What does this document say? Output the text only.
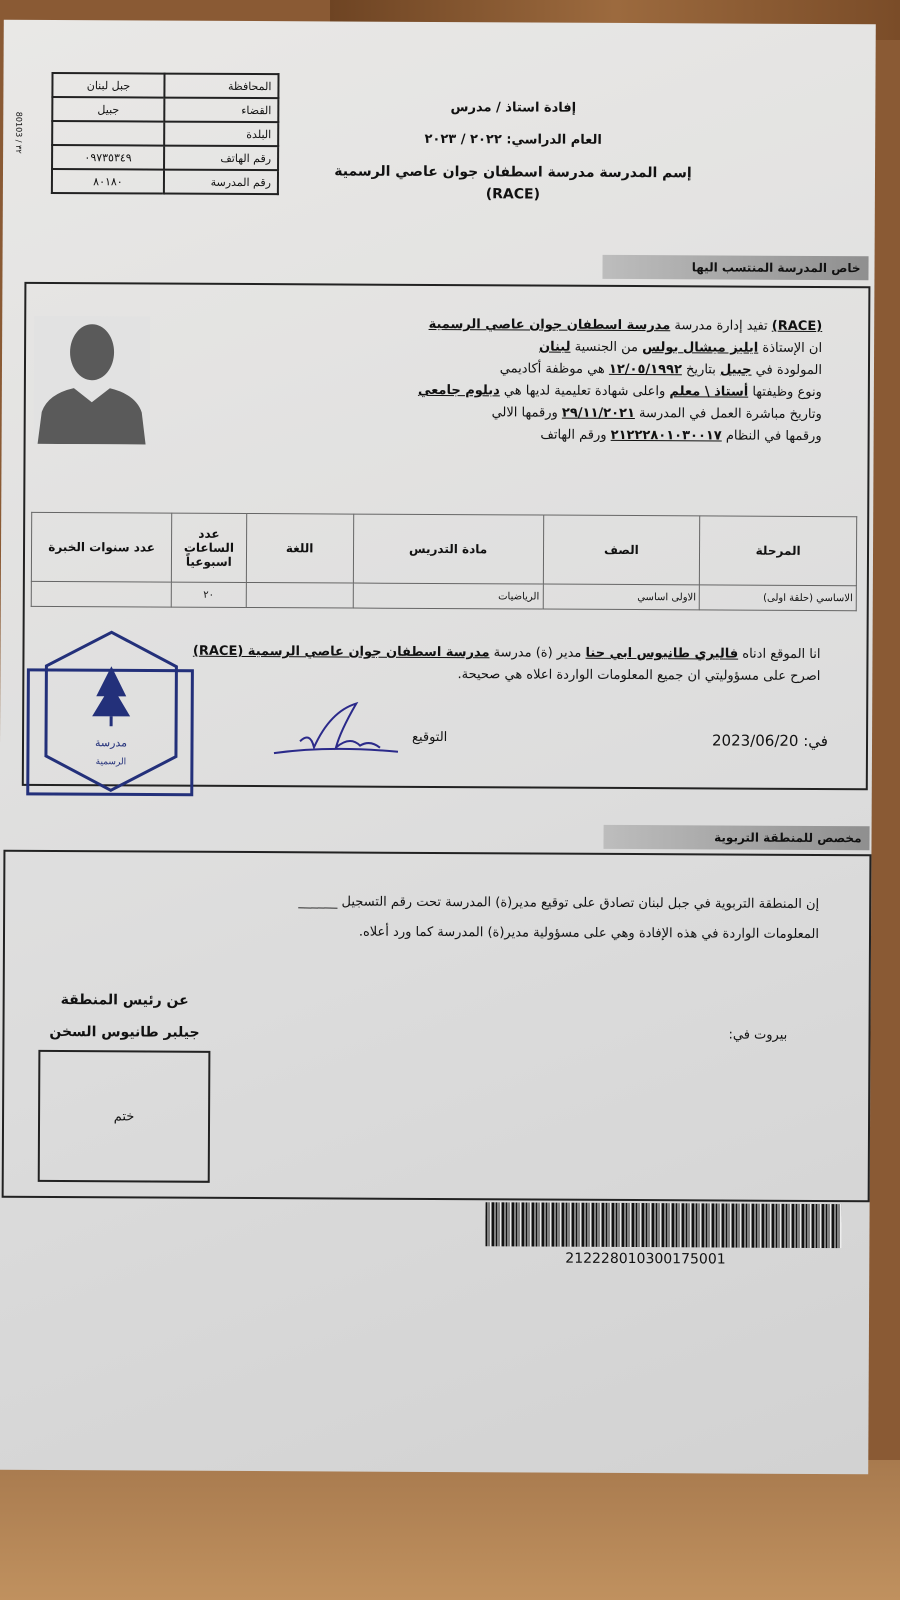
80103 / ٣٢
المحافظة	جبل لبنان
القضاء	جبيل
البلدة	
رقم الهاتف	٠٩٧٣٥٣٤٩
رقم المدرسة	٨٠١٨٠
إفادة استاذ / مدرس
العام الدراسي: ٢٠٢٢ / ٢٠٢٣
إسم المدرسة مدرسة اسطفان جوان عاصي الرسمية
(RACE)
خاص المدرسة المنتسب اليها
(RACE) تفيد إدارة مدرسة مدرسة اسطفان جوان عاصي الرسمية
ان الإستاذة ايليز ميشال بولس من الجنسية لبنان
المولودة في جبيل بتاريخ ١٢/٠٥/١٩٩٢ هي موظفة أكاديمي
ونوع وظيفتها أستاذ \ معلم واعلى شهادة تعليمية لديها هي دبلوم جامعي
وتاريخ مباشرة العمل في المدرسة ٢٩/١١/٢٠٢١ ورقمها الالي
ورقمها في النظام ٢١٢٢٢٨٠١٠٣٠٠١٧ ورقم الهاتف
المرحلة	الصف	مادة التدريس	اللغة	عدد الساعات اسبوعياً	عدد سنوات الخبرة
الاساسي (حلقة اولى)	الاولى اساسي	الرياضيات		٢٠	
انا الموقع ادناه فاليري طانيوس ابي حنا مدير (ة) مدرسة مدرسة اسطفان جوان عاصي الرسمية (RACE)
اصرح على مسؤوليتي ان جميع المعلومات الواردة اعلاه هي صحيحة.
في: 2023/06/20
التوقيع
مدرسة
الرسمية
مخصص للمنطقة التربوية
إن المنطقة التربوية في جبل لبنان تصادق على توقيع مدير(ة) المدرسة تحت رقم التسجيل ______
المعلومات الواردة في هذه الإفادة وهي على مسؤولية مدير(ة) المدرسة كما ورد أعلاه.
عن رئيس المنطقة
جيلبر طانيوس السخن
ختم
بيروت في:
212228010300175001
